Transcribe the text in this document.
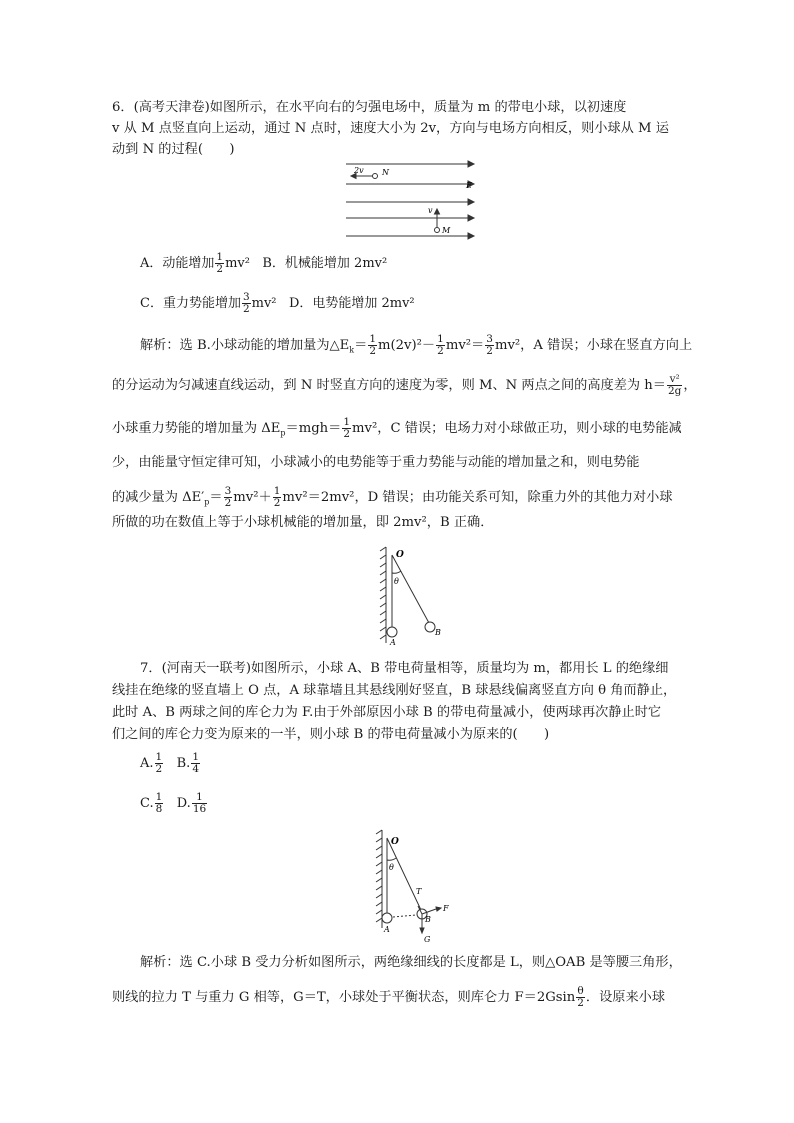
6．(高考天津卷)如图所示，在水平向右的匀强电场中，质量为 m 的带电小球，以初速度
v 从 M 点竖直向上运动，通过 N 点时，速度大小为 2v，方向与电场方向相反，则小球从 M 运
动到 N 的过程(　　)
2v N
E
v
M
A．动能增加 $\frac{1}{2} mv^2$ B．机械能增加 2mv²
C．重力势能增加 $\frac{3}{2} mv^2$ D．电势能增加 2mv²
解析：选 B.小球动能的增加量为$\triangle E_k= \frac{1}{2} m(2v)^2- \frac{1}{2} mv^2= \frac{3}{2} mv^2$，A 错误；小球在竖直方向上
的分运动为匀减速直线运动，到 N 时竖直方向的速度为零，则 M、N 两点之间的高度差为 $h= \frac{\text{v²}}{2g}$ ，
小球重力势能的增加量为 $\Delta E_p=mgh= \frac{1}{2} mv^2$，C 错误；电场力对小球做正功，则小球的电势能减
少，由能量守恒定律可知，小球减小的电势能等于重力势能与动能的增加量之和，则电势能
的减少量为 $\Delta E'_p= \frac{3}{2} mv^2+ \frac{1}{2} mv^2=2mv^2$，D 错误；由功能关系可知，除重力外的其他力对小球
所做的功在数值上等于小球机械能的增加量，即 2mv²，B 正确．
O
θ
A
B
7．(河南天一联考)如图所示，小球 A、B 带电荷量相等，质量均为 m，都用长 L 的绝缘细
线挂在绝缘的竖直墙上 O 点，A 球靠墙且其悬线刚好竖直，B 球悬线偏离竖直方向 θ 角而静止，
此时 A、B 两球之间的库仑力为 F.由于外部原因小球 B 的带电荷量减小，使两球再次静止时它
们之间的库仑力变为原来的一半，则小球 B 的带电荷量减小为原来的(　　)
A. $\frac{1}{2} B$. $\frac{1}{4}$
C. $\frac{1}{8} D$. $\frac{1}{16}$
O
θ
T
A
B
F
G
解析：选 C.小球 B 受力分析如图所示，两绝缘细线的长度都是 L，则△OAB 是等腰三角形，
则线的拉力 T 与重力 G 相等，G＝T，小球处于平衡状态，则库仑力 $F=2Gsin \frac{\theta}{2}$ ．设原来小球
